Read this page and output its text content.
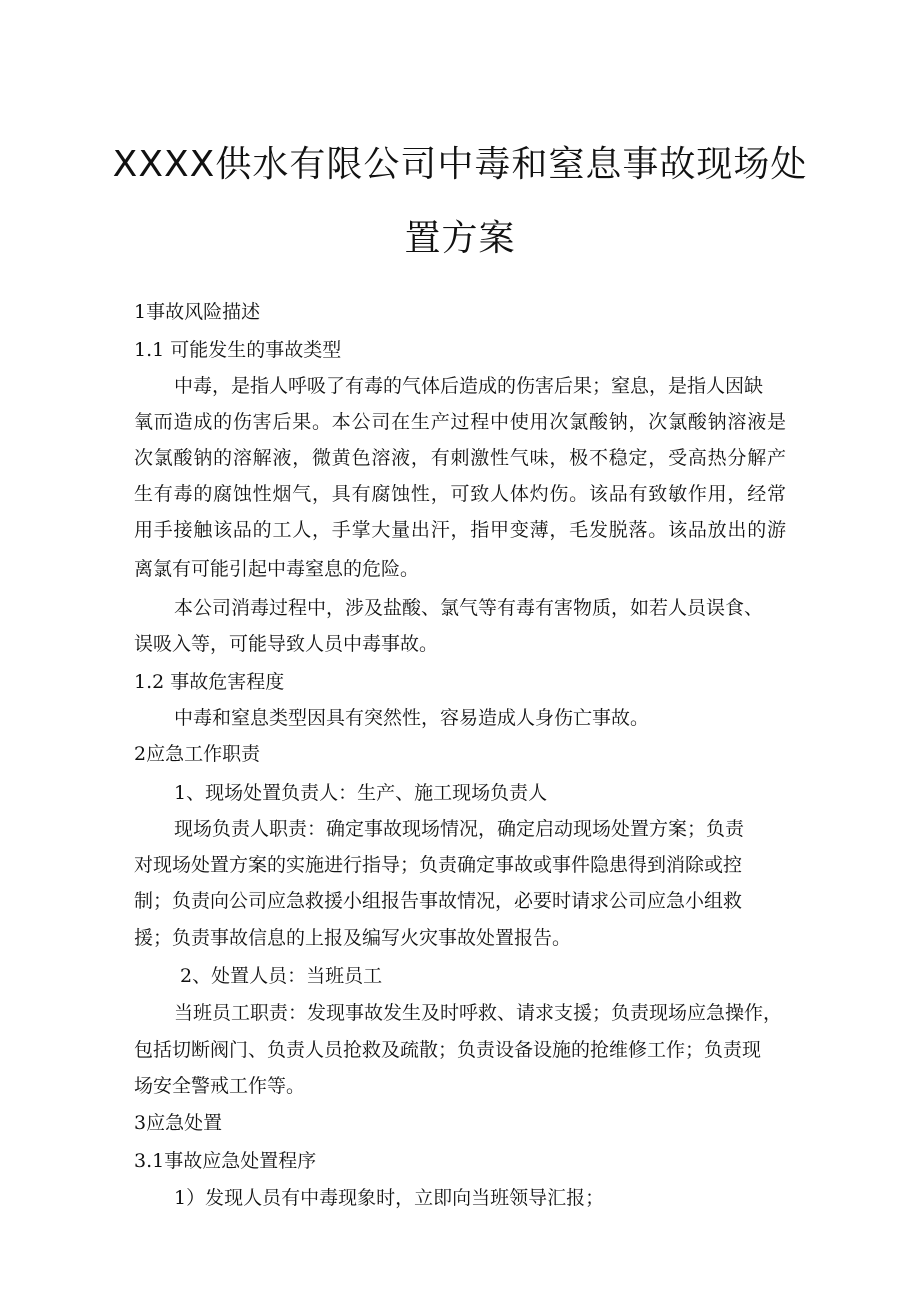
XXXX供水有限公司中毒和窒息事故现场处
置方案

1事故风险描述

1.1 可能发生的事故类型

中毒，是指人呼吸了有毒的气体后造成的伤害后果；窒息，是指人因缺

氧而造成的伤害后果。本公司在生产过程中使用次氯酸钠，次氯酸钠溶液是

次氯酸钠的溶解液，微黄色溶液，有刺激性气味，极不稳定，受高热分解产

生有毒的腐蚀性烟气，具有腐蚀性，可致人体灼伤。该品有致敏作用，经常

用手接触该品的工人，手掌大量出汗，指甲变薄，毛发脱落。该品放出的游

离氯有可能引起中毒窒息的危险。

本公司消毒过程中，涉及盐酸、氯气等有毒有害物质，如若人员误食、

误吸入等，可能导致人员中毒事故。

1.2 事故危害程度

中毒和窒息类型因具有突然性，容易造成人身伤亡事故。

2应急工作职责

1、现场处置负责人：生产、施工现场负责人

现场负责人职责：确定事故现场情况，确定启动现场处置方案；负责

对现场处置方案的实施进行指导；负责确定事故或事件隐患得到消除或控

制；负责向公司应急救援小组报告事故情况，必要时请求公司应急小组救

援；负责事故信息的上报及编写火灾事故处置报告。

2、处置人员：当班员工

当班员工职责：发现事故发生及时呼救、请求支援；负责现场应急操作，

包括切断阀门、负责人员抢救及疏散；负责设备设施的抢维修工作；负责现

场安全警戒工作等。

3应急处置

3.1事故应急处置程序

1）发现人员有中毒现象时，立即向当班领导汇报；
